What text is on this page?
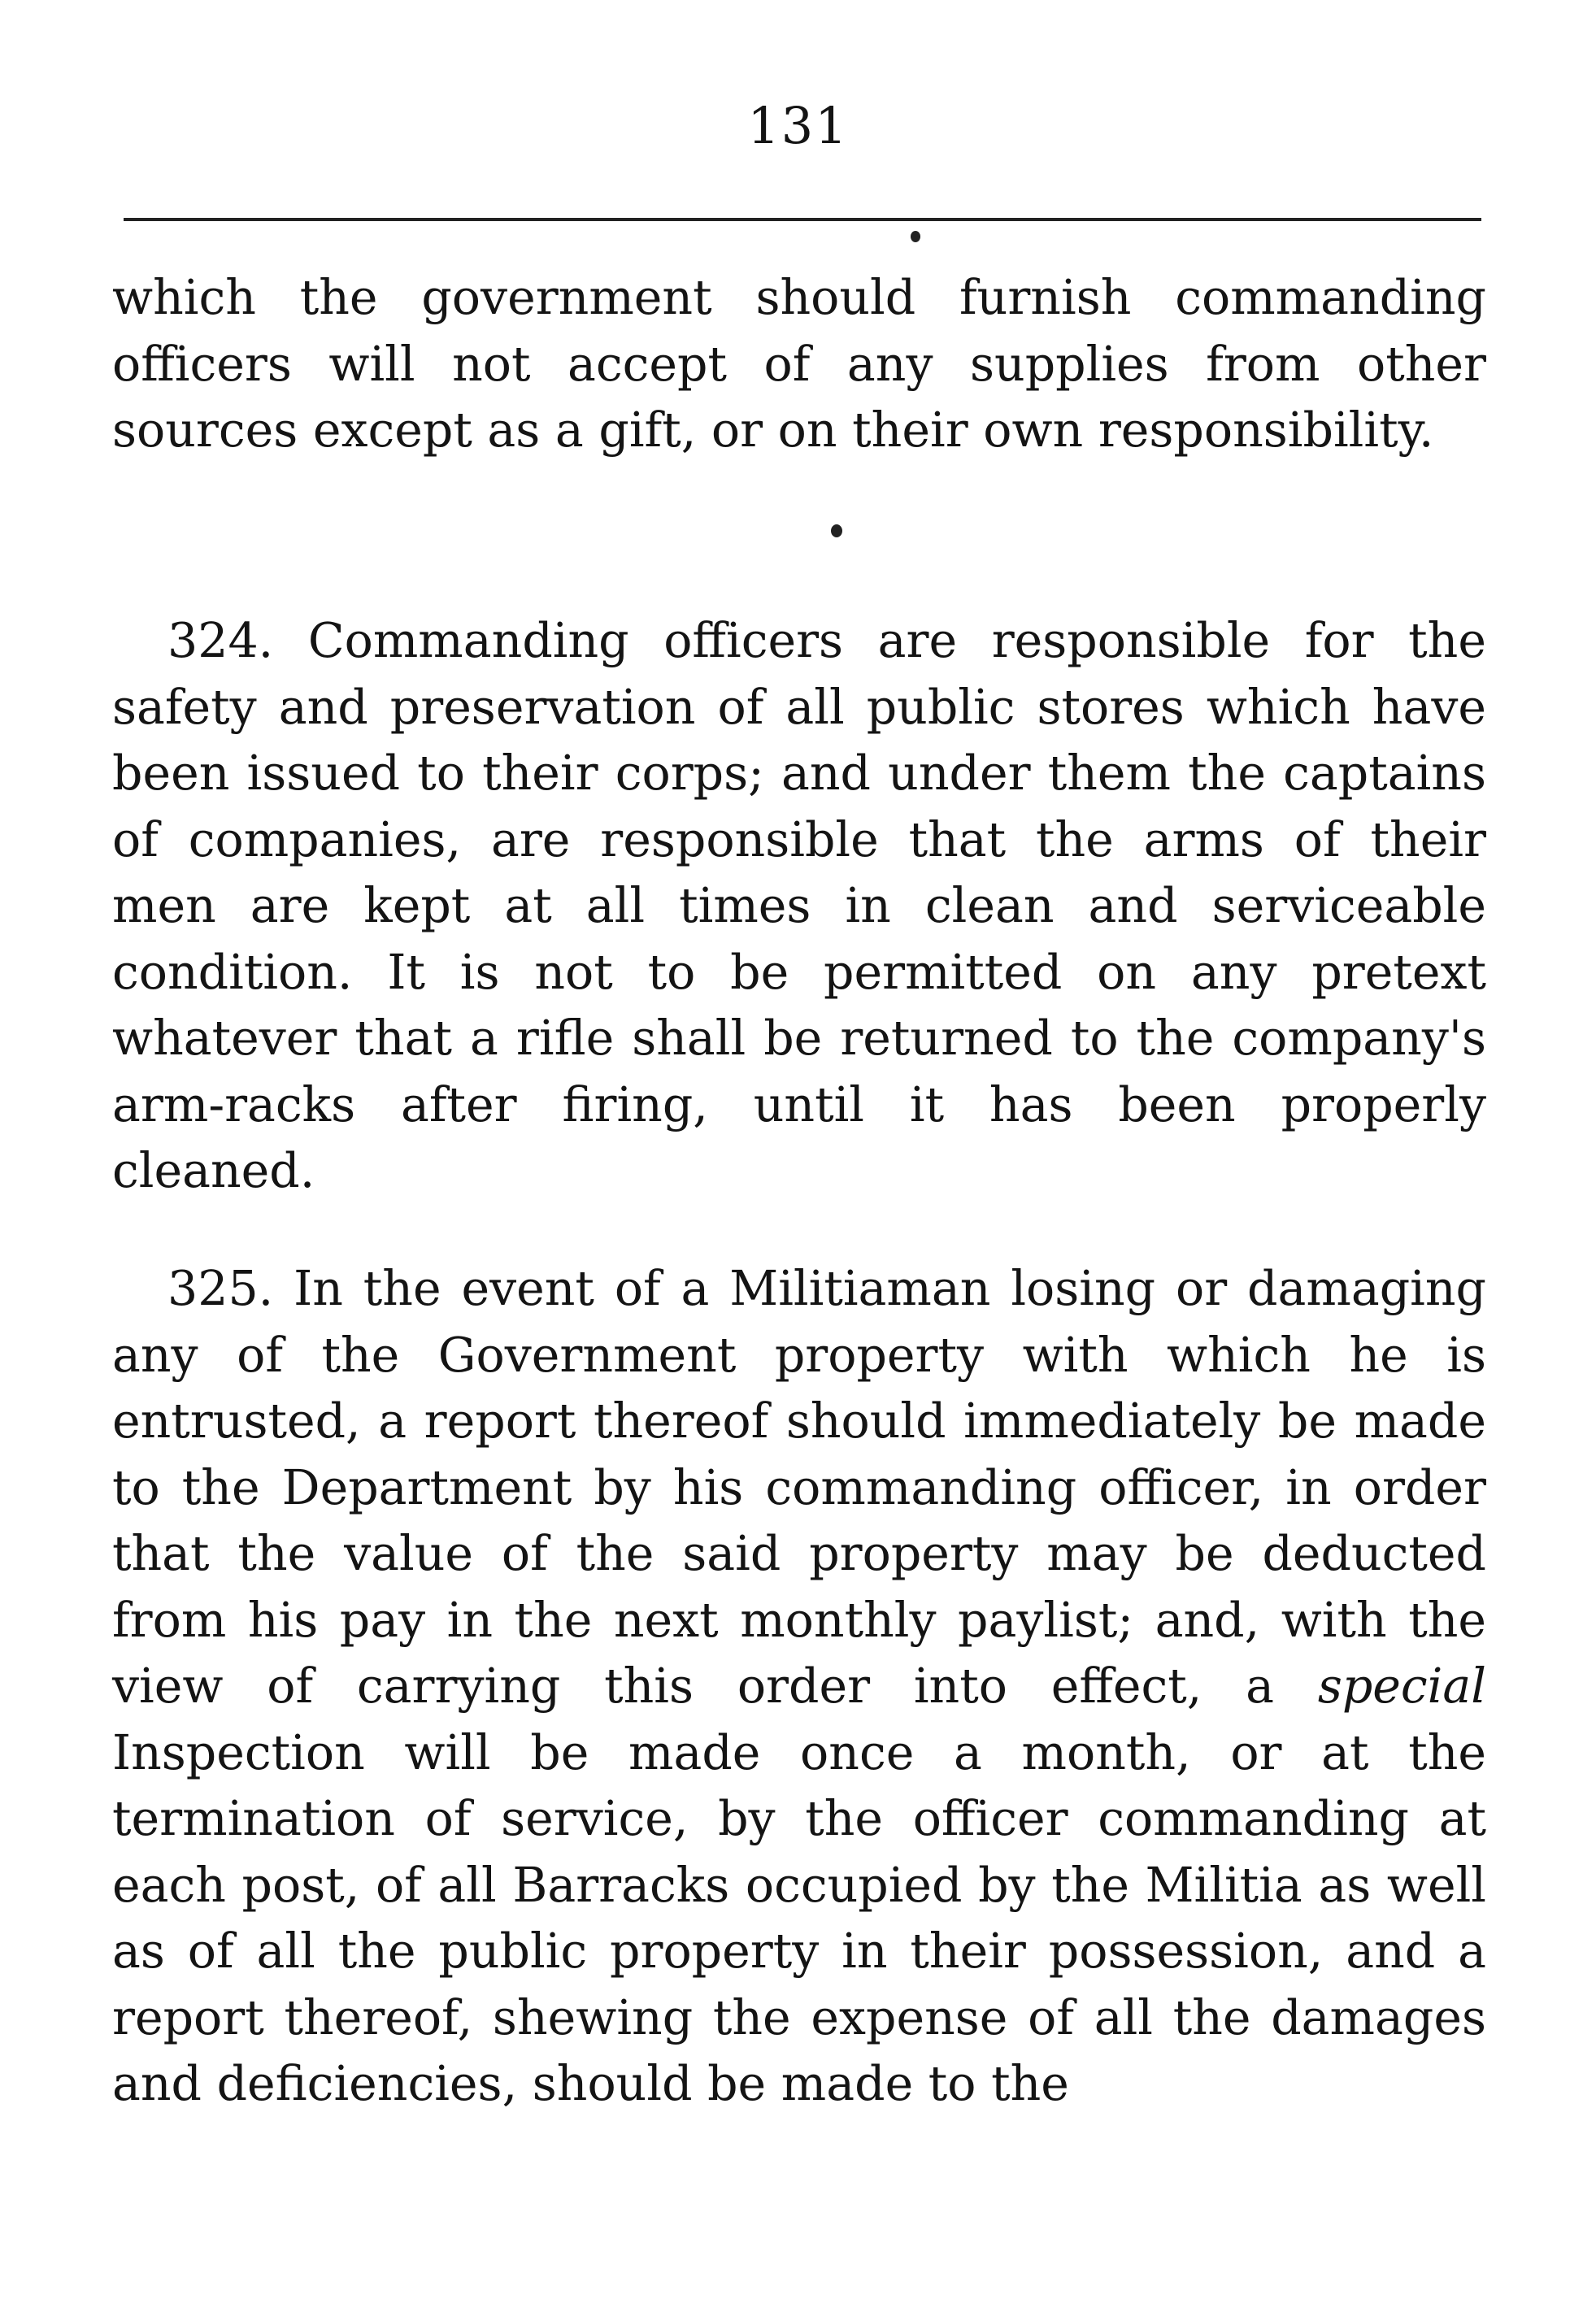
131

which the government should furnish commanding officers will not accept of any supplies from other sources except as a gift, or on their own responsibility.

324. Commanding officers are responsible for the safety and preservation of all public stores which have been issued to their corps; and under them the captains of companies, are responsible that the arms of their men are kept at all times in clean and serviceable condition. It is not to be permitted on any pretext whatever that a rifle shall be returned to the company's arm-racks after firing, until it has been properly cleaned.

325. In the event of a Militiaman losing or damaging any of the Government property with which he is entrusted, a report thereof should immediately be made to the Department by his commanding officer, in order that the value of the said property may be deducted from his pay in the next monthly paylist; and, with the view of carrying this order into effect, a special Inspection will be made once a month, or at the termination of service, by the officer commanding at each post, of all Barracks occupied by the Militia as well as of all the public property in their possession, and a report thereof, shewing the expense of all the damages and deficiencies, should be made to the
